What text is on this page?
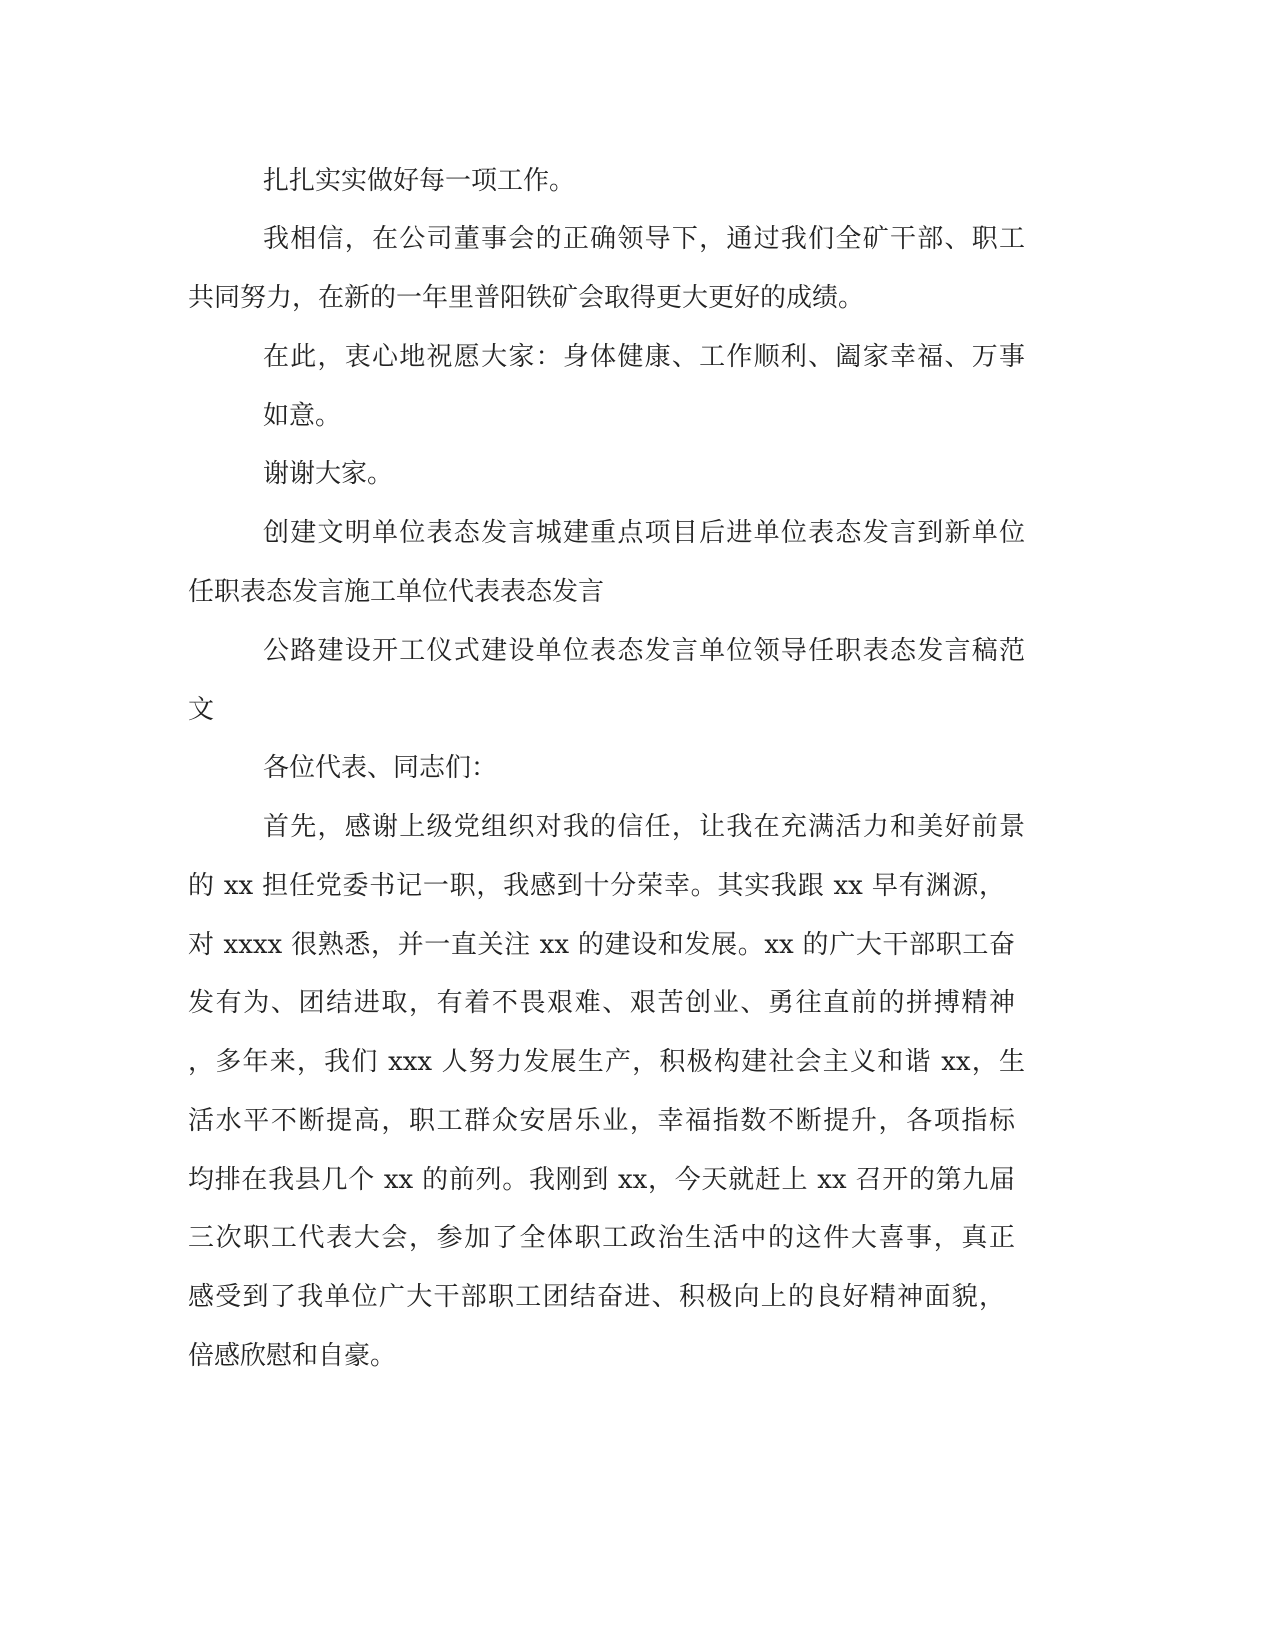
扎扎实实做好每一项工作。

我相信，在公司董事会的正确领导下，通过我们全矿干部、职工

共同努力，在新的一年里普阳铁矿会取得更大更好的成绩。

在此，衷心地祝愿大家：身体健康、工作顺利、阖家幸福、万事

如意。

谢谢大家。

创建文明单位表态发言城建重点项目后进单位表态发言到新单位

任职表态发言施工单位代表表态发言

公路建设开工仪式建设单位表态发言单位领导任职表态发言稿范

文

各位代表、同志们：

首先，感谢上级党组织对我的信任，让我在充满活力和美好前景

的 xx 担任党委书记一职，我感到十分荣幸。其实我跟 xx 早有渊源，

对 xxxx 很熟悉，并一直关注 xx 的建设和发展。xx 的广大干部职工奋

发有为、团结进取，有着不畏艰难、艰苦创业、勇往直前的拼搏精神

，多年来，我们 xxx 人努力发展生产，积极构建社会主义和谐 xx，生

活水平不断提高，职工群众安居乐业，幸福指数不断提升，各项指标

均排在我县几个 xx 的前列。我刚到 xx，今天就赶上 xx 召开的第九届

三次职工代表大会，参加了全体职工政治生活中的这件大喜事，真正

感受到了我单位广大干部职工团结奋进、积极向上的良好精神面貌，

倍感欣慰和自豪。
